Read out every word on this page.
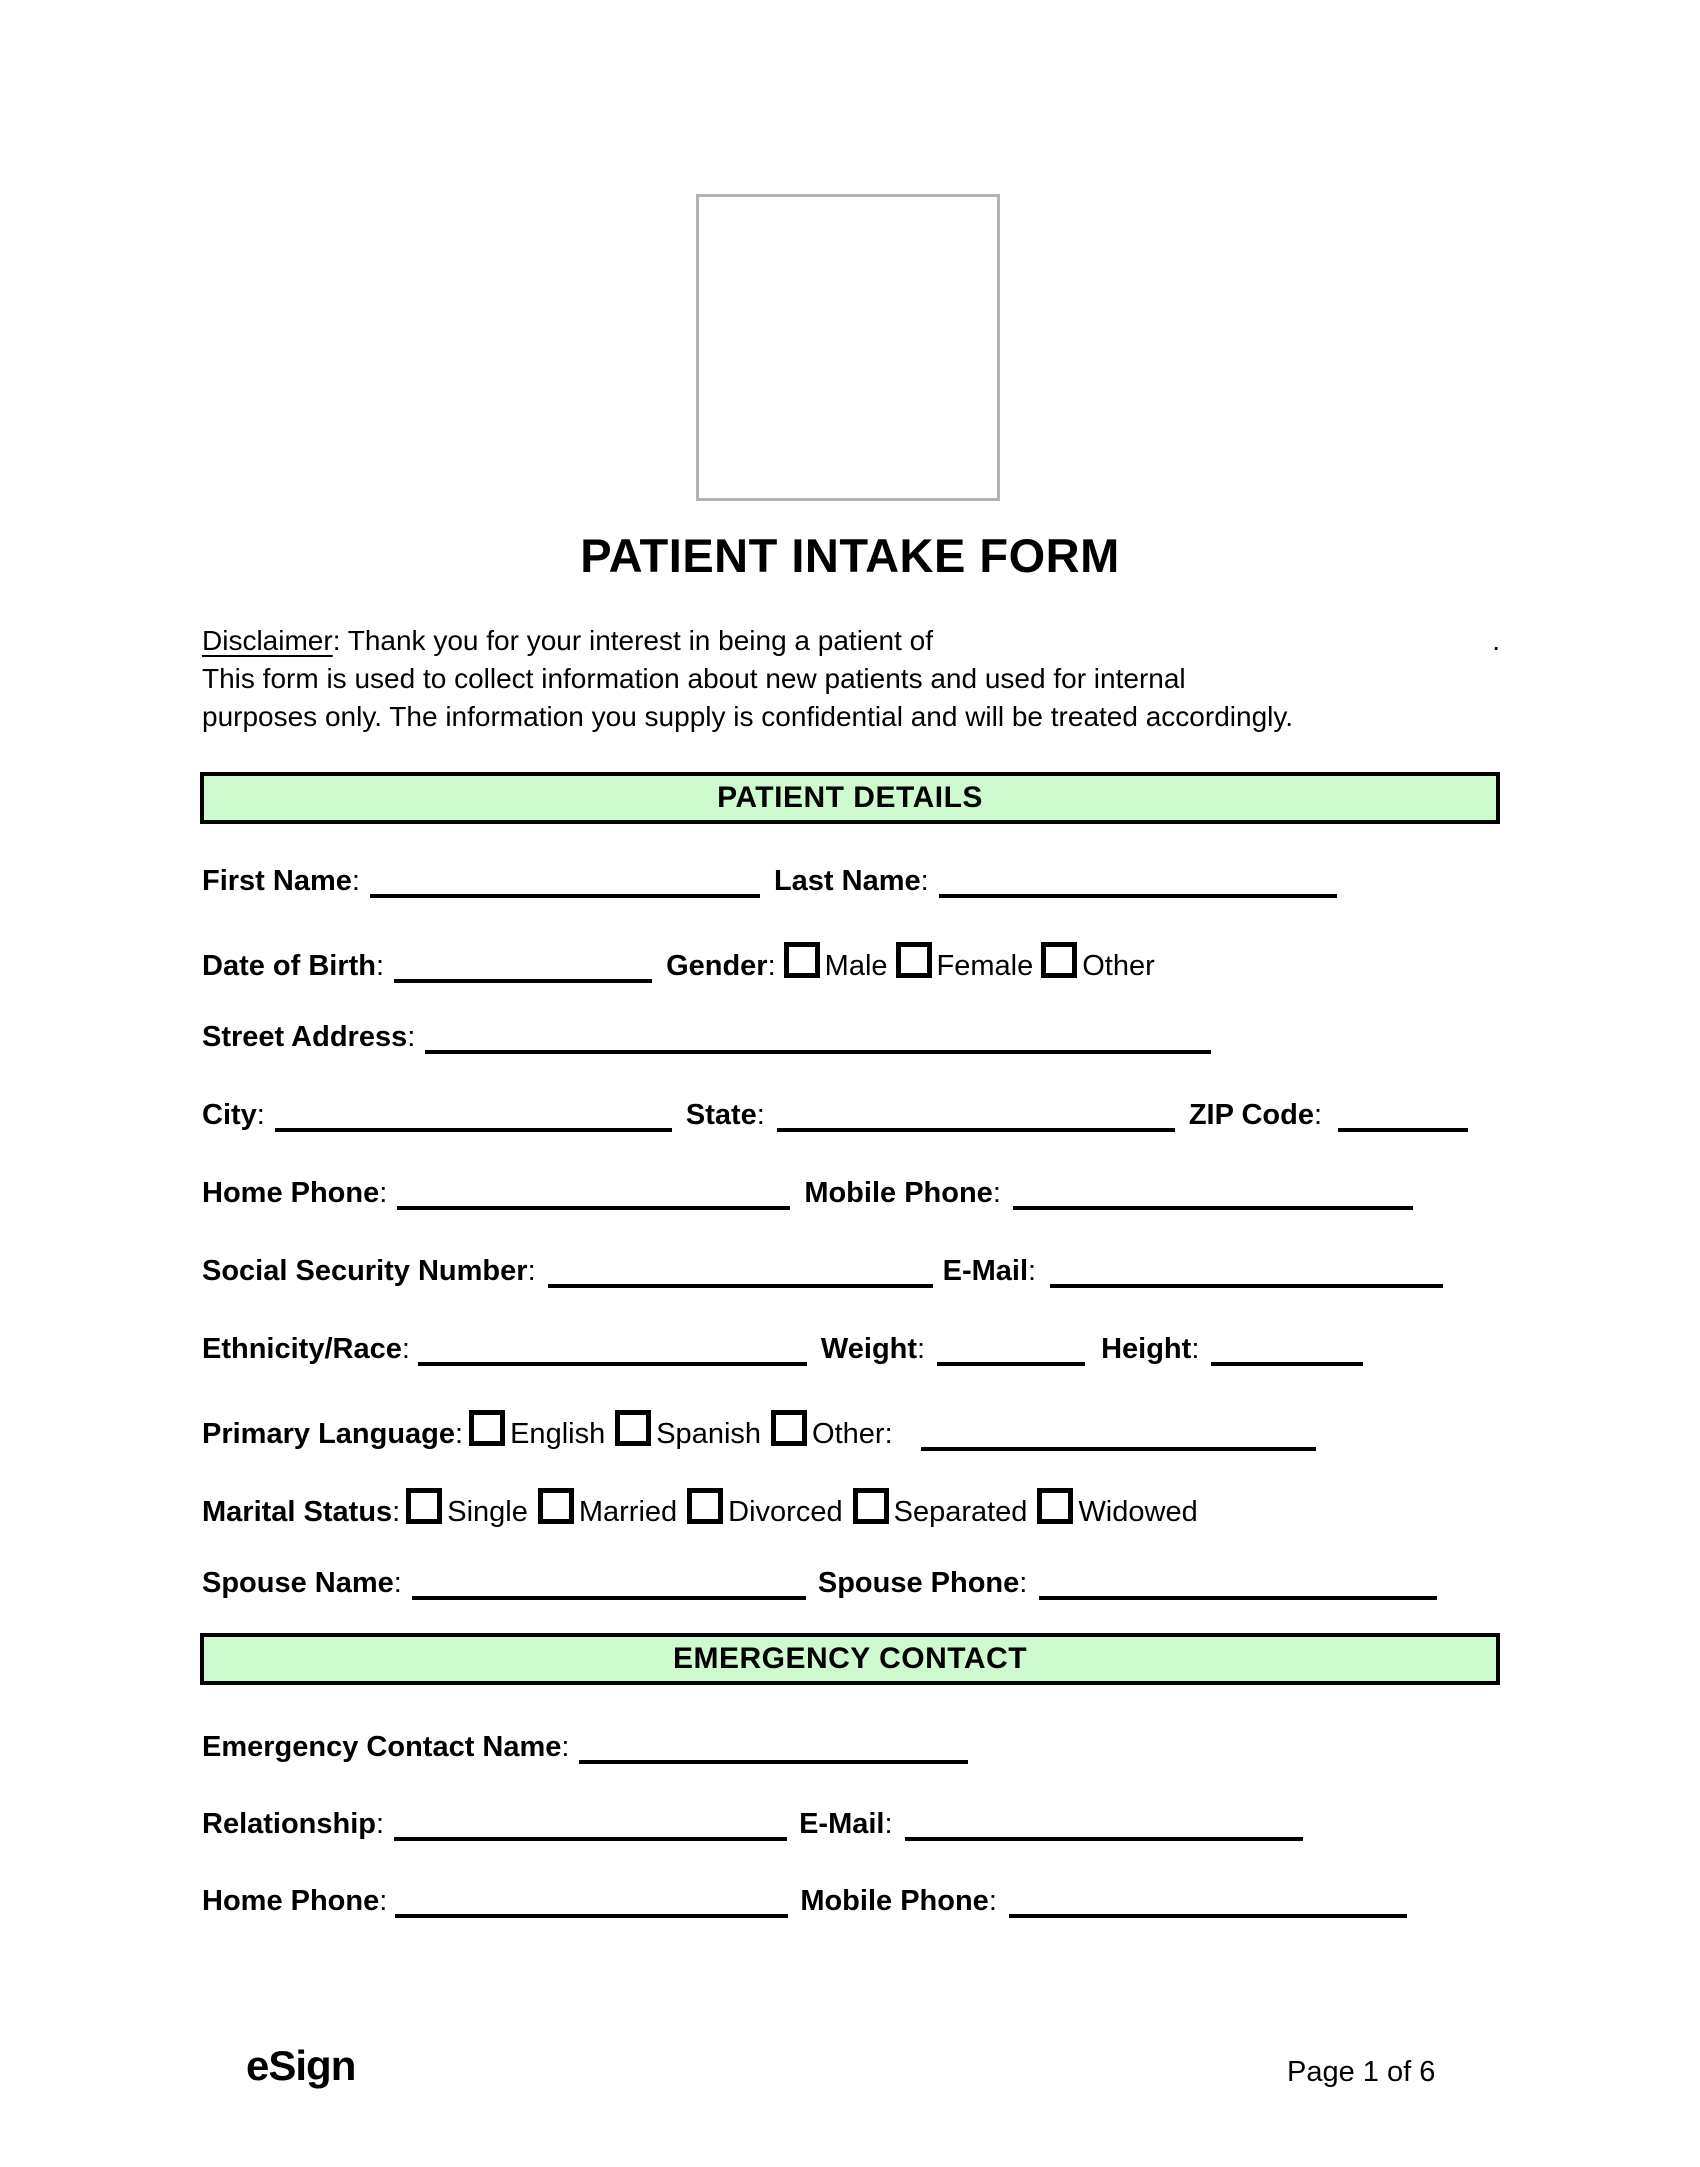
PATIENT INTAKE FORM
Disclaimer: Thank you for your interest in being a patient of	.
This form is used to collect information about new patients and used for internal
purposes only. The information you supply is confidential and will be treated accordingly.
PATIENT DETAILS
First Name:	Last Name:
Date of Birth:	Gender: Male Female Other
Street Address:
City:	State:	ZIP Code:
Home Phone:	Mobile Phone:
Social Security Number:	E-Mail:
Ethnicity/Race:	Weight:	Height:
Primary Language: English Spanish Other:
Marital Status: Single Married Divorced Separated Widowed
Spouse Name:	Spouse Phone:
EMERGENCY CONTACT
Emergency Contact Name:
Relationship:	E-Mail:
Home Phone:	Mobile Phone:
eSign	Page 1 of 6
